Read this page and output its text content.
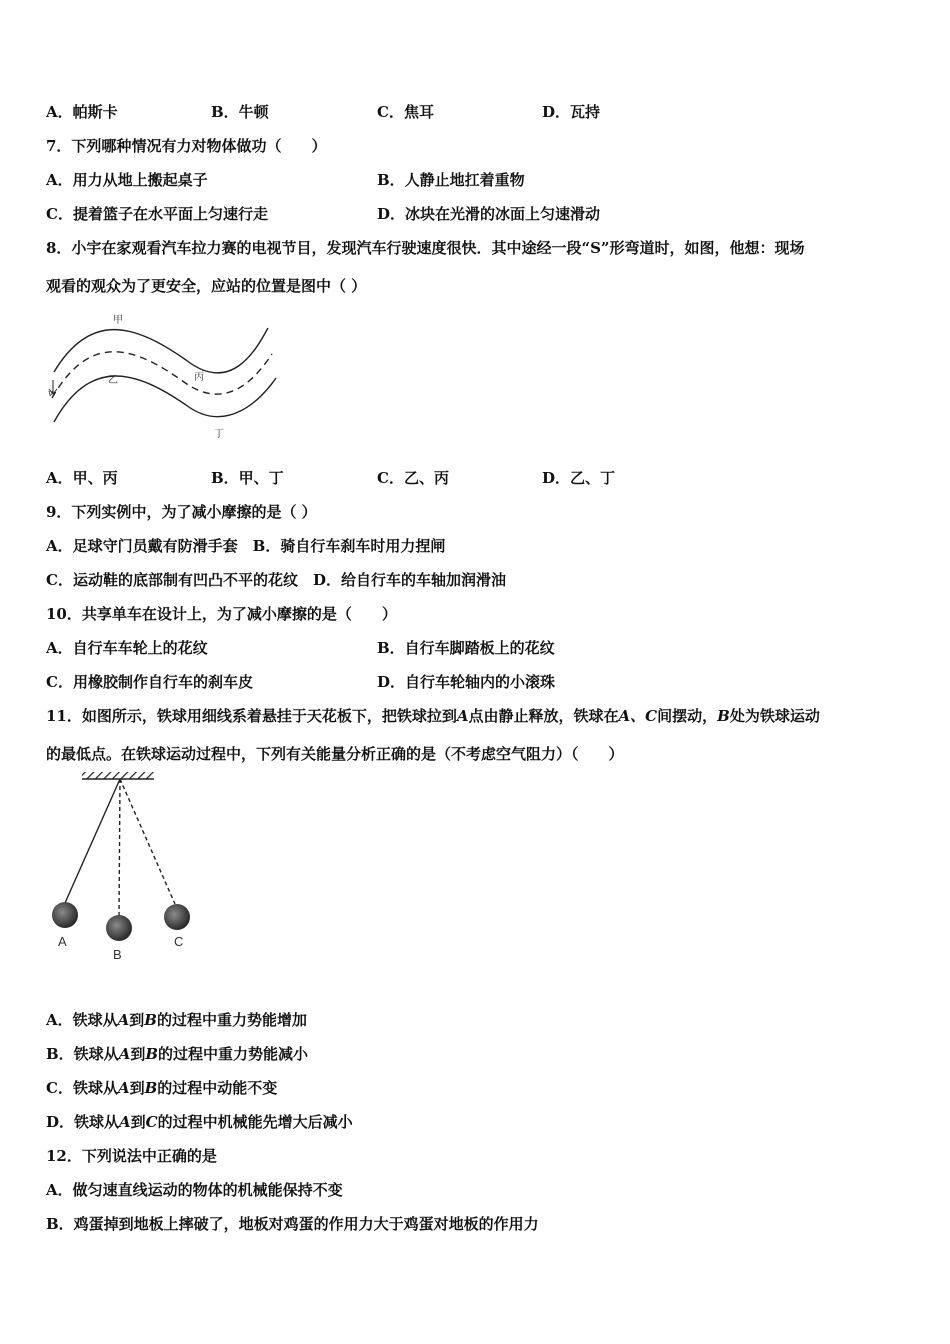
A．帕斯卡	B．牛顿	C．焦耳	D．瓦持
7．下列哪种情况有力对物体做功（　　）
A．用力从地上搬起桌子	B．人静止地扛着重物
C．提着篮子在水平面上匀速行走	D．冰块在光滑的冰面上匀速滑动
8．小宇在家观看汽车拉力赛的电视节目，发现汽车行驶速度很快．其中途经一段“S”形弯道时，如图，他想：现场
观看的观众为了更安全，应站的位置是图中（ ）
甲
乙	丙
丁
v
A．甲、丙	B．甲、丁	C．乙、丙	D．乙、丁
9．下列实例中，为了减小摩擦的是（ ）
A．足球守门员戴有防滑手套　B．骑自行车刹车时用力捏闸
C．运动鞋的底部制有凹凸不平的花纹　D．给自行车的车轴加润滑油
10．共享单车在设计上，为了减小摩擦的是（　　）
A．自行车车轮上的花纹	B．自行车脚踏板上的花纹
C．用橡胶制作自行车的刹车皮	D．自行车轮轴内的小滚珠
11．如图所示，铁球用细线系着悬挂于天花板下，把铁球拉到A点由静止释放，铁球在A、C间摆动，B处为铁球运动
的最低点。在铁球运动过程中，下列有关能量分析正确的是（不考虑空气阻力）（　　）
A
B
C
A．铁球从A到B的过程中重力势能增加
B．铁球从A到B的过程中重力势能减小
C．铁球从A到B的过程中动能不变
D．铁球从A到C的过程中机械能先增大后减小
12．下列说法中正确的是
A．做匀速直线运动的物体的机械能保持不变
B．鸡蛋掉到地板上摔破了，地板对鸡蛋的作用力大于鸡蛋对地板的作用力
